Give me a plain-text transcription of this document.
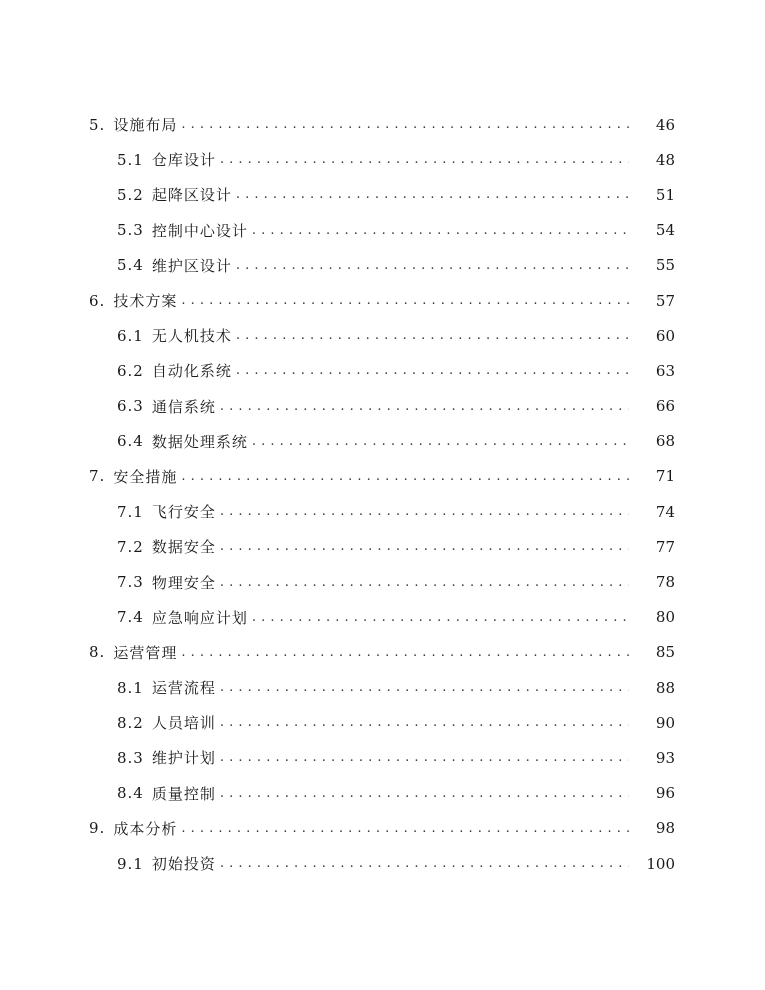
5. 设施布局 . . .	46
5.1 仓库设计 . . .	48
5.2 起降区设计 . . .	51
5.3 控制中心设计 . . .	54
5.4 维护区设计 . . .	55
6. 技术方案 . . .	57
6.1 无人机技术 . . .	60
6.2 自动化系统 . . .	63
6.3 通信系统 . . .	66
6.4 数据处理系统 . . .	68
7. 安全措施 . . .	71
7.1 飞行安全 . . .	74
7.2 数据安全 . . .	77
7.3 物理安全 . . .	78
7.4 应急响应计划 . . .	80
8. 运营管理 . . .	85
8.1 运营流程 . . .	88
8.2 人员培训 . . .	90
8.3 维护计划 . . .	93
8.4 质量控制 . . .	96
9. 成本分析 . . .	98
9.1 初始投资 . . .	100
